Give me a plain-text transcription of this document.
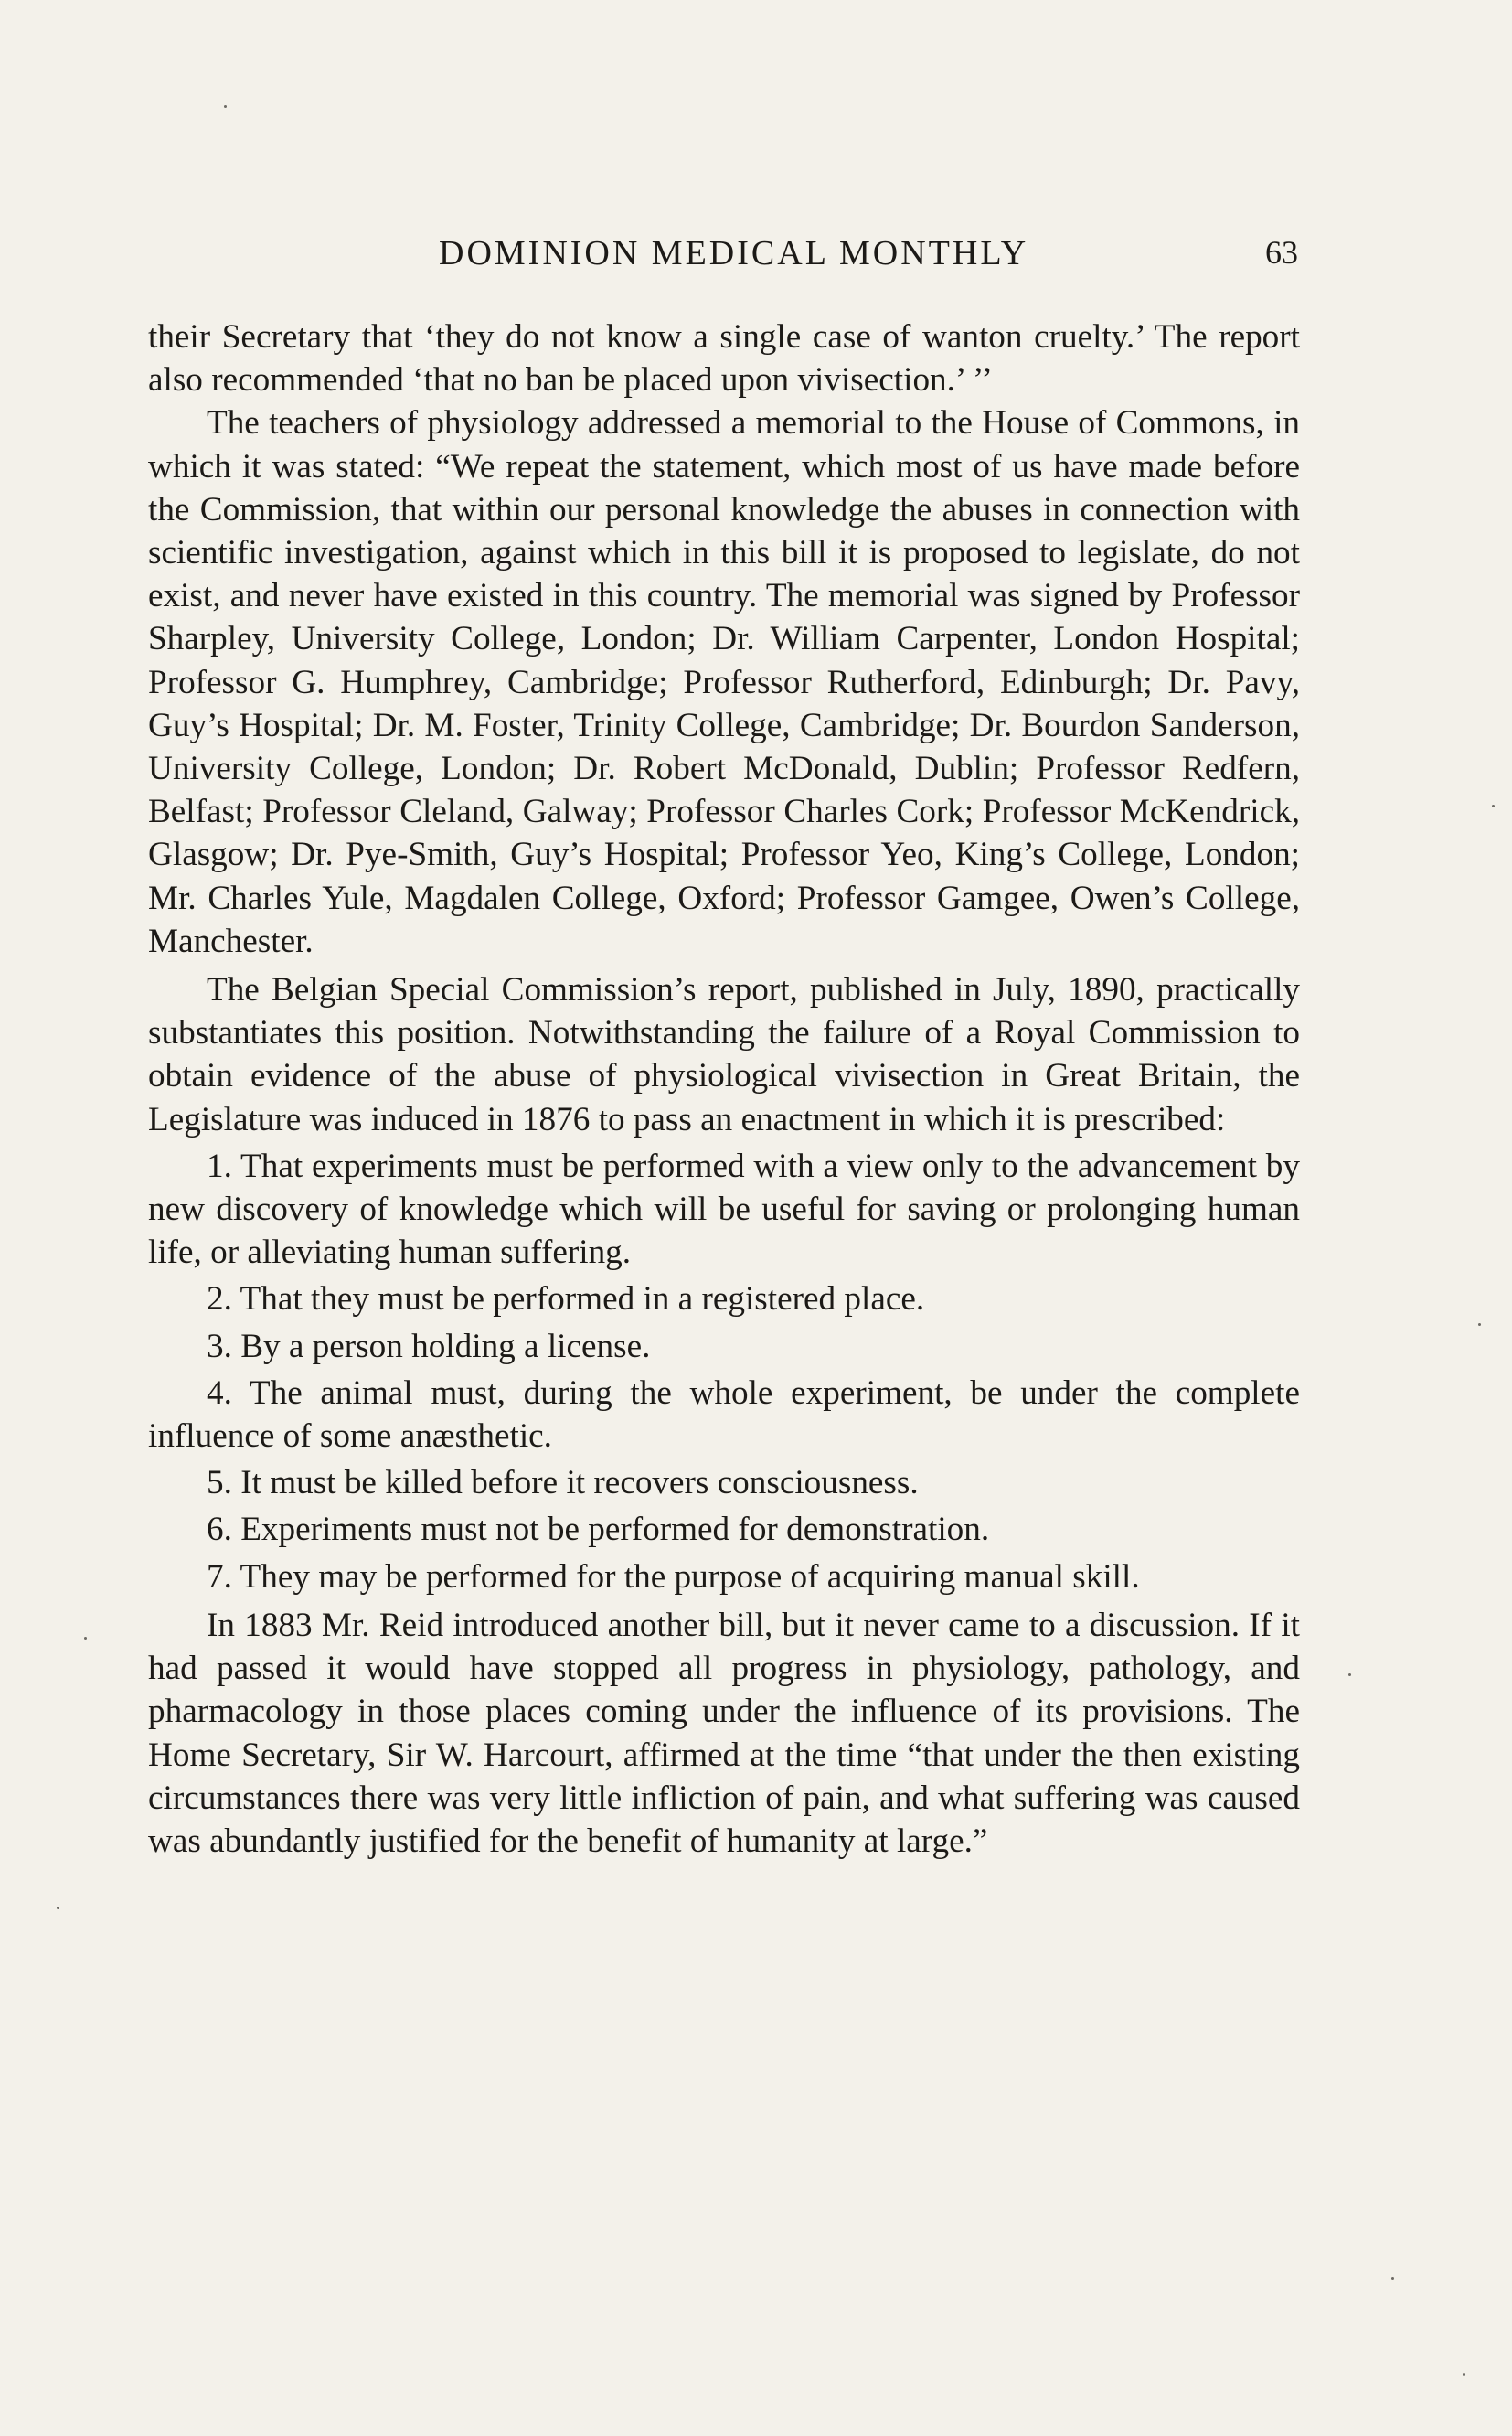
DOMINION MEDICAL MONTHLY	63

their Secretary that ‘they do not know a single case of wanton cruelty.’ The report also recommended ‘that no ban be placed upon vivisection.’ ’’

The teachers of physiology addressed a memorial to the House of Commons, in which it was stated: “We repeat the statement, which most of us have made before the Commission, that within our personal knowledge the abuses in connection with scientific investigation, against which in this bill it is proposed to legislate, do not exist, and never have existed in this country. The memorial was signed by Professor Sharpley, University College, London; Dr. William Carpenter, London Hospital; Professor G. Humphrey, Cambridge; Professor Rutherford, Edinburgh; Dr. Pavy, Guy’s Hospital; Dr. M. Foster, Trinity College, Cambridge; Dr. Bourdon Sanderson, University College, London; Dr. Robert McDonald, Dublin; Professor Redfern, Belfast; Professor Cleland, Galway; Professor Charles Cork; Professor McKendrick, Glasgow; Dr. Pye-Smith, Guy’s Hospital; Professor Yeo, King’s College, London; Mr. Charles Yule, Magdalen College, Oxford; Professor Gamgee, Owen’s College, Manchester.

The Belgian Special Commission’s report, published in July, 1890, practically substantiates this position. Notwithstanding the failure of a Royal Commission to obtain evidence of the abuse of physiological vivisection in Great Britain, the Legislature was induced in 1876 to pass an enactment in which it is prescribed:

1. That experiments must be performed with a view only to the advancement by new discovery of knowledge which will be useful for saving or prolonging human life, or alleviating human suffering.

2. That they must be performed in a registered place.

3. By a person holding a license.

4. The animal must, during the whole experiment, be under the complete influence of some anæsthetic.

5. It must be killed before it recovers consciousness.

6. Experiments must not be performed for demonstration.

7. They may be performed for the purpose of acquiring manual skill.

In 1883 Mr. Reid introduced another bill, but it never came to a discussion. If it had passed it would have stopped all progress in physiology, pathology, and pharmacology in those places coming under the influence of its provisions. The Home Secretary, Sir W. Harcourt, affirmed at the time “that under the then existing circumstances there was very little infliction of pain, and what suffering was caused was abundantly justified for the benefit of humanity at large.”
